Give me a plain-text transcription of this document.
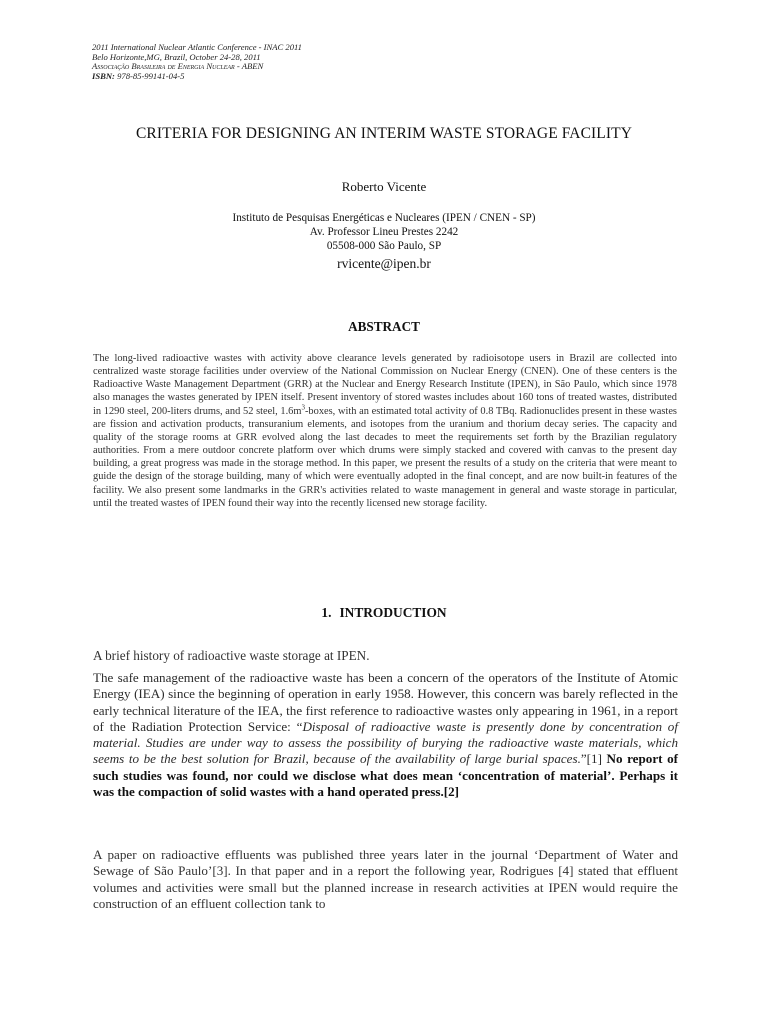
2011 International Nuclear Atlantic Conference - INAC 2011
Belo Horizonte,MG, Brazil, October 24-28, 2011
Associação Brasileira de Energia Nuclear - ABEN
ISBN: 978-85-99141-04-5
CRITERIA FOR DESIGNING AN INTERIM WASTE STORAGE FACILITY
Roberto Vicente
Instituto de Pesquisas Energéticas e Nucleares (IPEN / CNEN - SP)
Av. Professor Lineu Prestes 2242
05508-000 São Paulo, SP
rvicente@ipen.br
ABSTRACT
The long-lived radioactive wastes with activity above clearance levels generated by radioisotope users in Brazil are collected into centralized waste storage facilities under overview of the National Commission on Nuclear Energy (CNEN). One of these centers is the Radioactive Waste Management Department (GRR) at the Nuclear and Energy Research Institute (IPEN), in São Paulo, which since 1978 also manages the wastes generated by IPEN itself. Present inventory of stored wastes includes about 160 tons of treated wastes, distributed in 1290 steel, 200-liters drums, and 52 steel, $1.6m^3$-boxes, with an estimated total activity of 0.8 TBq. Radionuclides present in these wastes are fission and activation products, transuranium elements, and isotopes from the uranium and thorium decay series. The capacity and quality of the storage rooms at GRR evolved along the last decades to meet the requirements set forth by the Brazilian regulatory authorities. From a mere outdoor concrete platform over which drums were simply stacked and covered with canvas to the present day building, a great progress was made in the storage method. In this paper, we present the results of a study on the criteria that were meant to guide the design of the storage building, many of which were eventually adopted in the final concept, and are now built-in features of the facility. We also present some landmarks in the GRR's activities related to waste management in general and waste storage in particular, until the treated wastes of IPEN found their way into the recently licensed new storage facility.
1. INTRODUCTION
A brief history of radioactive waste storage at IPEN.
The safe management of the radioactive waste has been a concern of the operators of the Institute of Atomic Energy (IEA) since the beginning of operation in early 1958. However, this concern was barely reflected in the early technical literature of the IEA, the first reference to radioactive wastes only appearing in 1961, in a report of the Radiation Protection Service: “Disposal of radioactive waste is presently done by concentration of material. Studies are under way to assess the possibility of burying the radioactive waste materials, which seems to be the best solution for Brazil, because of the availability of large burial spaces.”[1] No report of such studies was found, nor could we disclose what does mean ‘concentration of material’. Perhaps it was the compaction of solid wastes with a hand operated press.[2]
A paper on radioactive effluents was published three years later in the journal ‘Department of Water and Sewage of São Paulo’[3]. In that paper and in a report the following year, Rodrigues [4] stated that effluent volumes and activities were small but the planned increase in research activities at IPEN would require the construction of an effluent collection tank to
